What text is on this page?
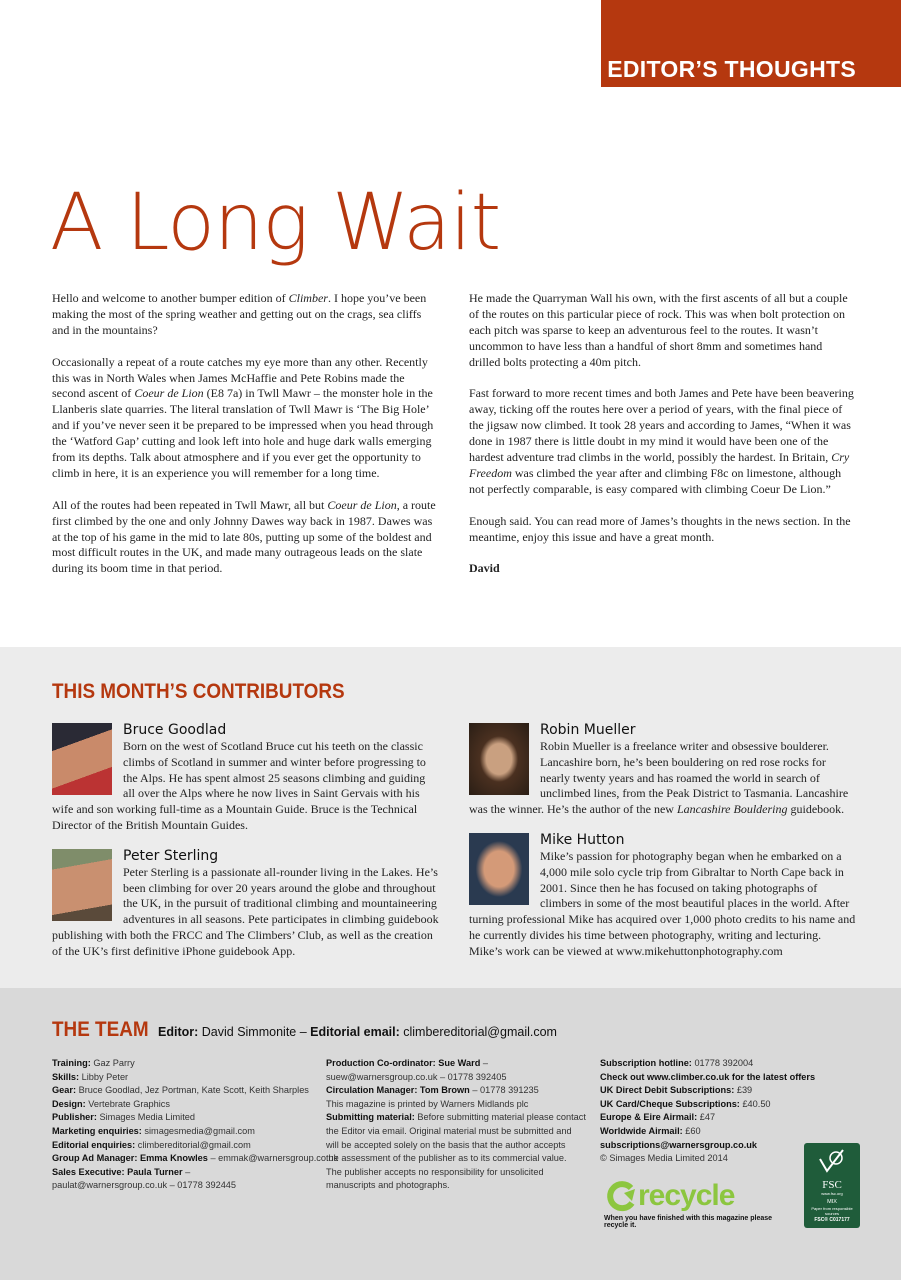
EDITOR’S THOUGHTS
A Long Wait

Hello and welcome to another bumper edition of Climber. I hope you’ve been making the most of the spring weather and getting out on the crags, sea cliffs and in the mountains?

Occasionally a repeat of a route catches my eye more than any other. Recently this was in North Wales when James McHaffie and Pete Robins made the second ascent of Coeur de Lion (E8 7a) in Twll Mawr – the monster hole in the Llanberis slate quarries. The literal translation of Twll Mawr is ‘The Big Hole’ and if you’ve never seen it be prepared to be impressed when you head through the ‘Watford Gap’ cutting and look left into hole and huge dark walls emerging from its depths. Talk about atmosphere and if you ever get the opportunity to climb in here, it is an experience you will remember for a long time.

All of the routes had been repeated in Twll Mawr, all but Coeur de Lion, a route first climbed by the one and only Johnny Dawes way back in 1987. Dawes was at the top of his game in the mid to late 80s, putting up some of the boldest and most difficult routes in the UK, and made many outrageous leads on the slate during its boom time in that period.

He made the Quarryman Wall his own, with the first ascents of all but a couple of the routes on this particular piece of rock. This was when bolt protection on each pitch was sparse to keep an adventurous feel to the routes. It wasn’t uncommon to have less than a handful of short 8mm and sometimes hand drilled bolts protecting a 40m pitch.

Fast forward to more recent times and both James and Pete have been beavering away, ticking off the routes here over a period of years, with the final piece of the jigsaw now climbed. It took 28 years and according to James, “When it was done in 1987 there is little doubt in my mind it would have been one of the hardest adventure trad climbs in the world, possibly the hardest. In Britain, Cry Freedom was climbed the year after and climbing F8c on limestone, although not perfectly comparable, is easy compared with climbing Coeur De Lion.”

Enough said. You can read more of James’s thoughts in the news section. In the meantime, enjoy this issue and have a great month.

David
THIS MONTH’S CONTRIBUTORS
Bruce Goodlad
Born on the west of Scotland Bruce cut his teeth on the classic climbs of Scotland in summer and winter before progressing to the Alps. He has spent almost 25 seasons climbing and guiding all over the Alps where he now lives in Saint Gervais with his wife and son working full-time as a Mountain Guide. Bruce is the Technical Director of the British Mountain Guides.
Peter Sterling
Peter Sterling is a passionate all-rounder living in the Lakes. He’s been climbing for over 20 years around the globe and throughout the UK, in the pursuit of traditional climbing and mountaineering adventures in all seasons. Pete participates in climbing guidebook publishing with both the FRCC and The Climbers’ Club, as well as the creation of the UK’s first definitive iPhone guidebook App.
Robin Mueller
Robin Mueller is a freelance writer and obsessive boulderer. Lancashire born, he’s been bouldering on red rose rocks for nearly twenty years and has roamed the world in search of unclimbed lines, from the Peak District to Tasmania. Lancashire was the winner. He’s the author of the new Lancashire Bouldering guidebook.
Mike Hutton
Mike’s passion for photography began when he embarked on a 4,000 mile solo cycle trip from Gibraltar to North Cape back in 2001. Since then he has focused on taking photographs of climbers in some of the most beautiful places in the world. After turning professional Mike has acquired over 1,000 photo credits to his name and he currently divides his time between photography, writing and lecturing. Mike’s work can be viewed at www.mikehuttonphotography.com
THE TEAM Editor: David Simmonite – Editorial email: climbereditorial@gmail.com
Training: Gaz Parry
Skills: Libby Peter
Gear: Bruce Goodlad, Jez Portman, Kate Scott, Keith Sharples
Design: Vertebrate Graphics
Publisher: Simages Media Limited
Marketing enquiries: simagesmedia@gmail.com
Editorial enquiries: climbereditorial@gmail.com
Group Ad Manager: Emma Knowles – emmak@warnersgroup.co.uk
Sales Executive: Paula Turner –
paulat@warnersgroup.co.uk – 01778 392445
Production Co-ordinator: Sue Ward –
suew@warnersgroup.co.uk – 01778 392405
Circulation Manager: Tom Brown – 01778 391235
This magazine is printed by Warners Midlands plc
Submitting material: Before submitting material please contact
the Editor via email. Original material must be submitted and
will be accepted solely on the basis that the author accepts
the assessment of the publisher as to its commercial value.
The publisher accepts no responsibility for unsolicited
manuscripts and photographs.
Subscription hotline: 01778 392004
Check out www.climber.co.uk for the latest offers
UK Direct Debit Subscriptions: £39
UK Card/Cheque Subscriptions: £40.50
Europe & Eire Airmail: £47
Worldwide Airmail: £60
subscriptions@warnersgroup.co.uk
© Simages Media Limited 2014
recycle
When you have finished with this magazine please recycle it.
FSC
www.fsc.org
MIX
Paper from responsible sources
FSC® C017177
